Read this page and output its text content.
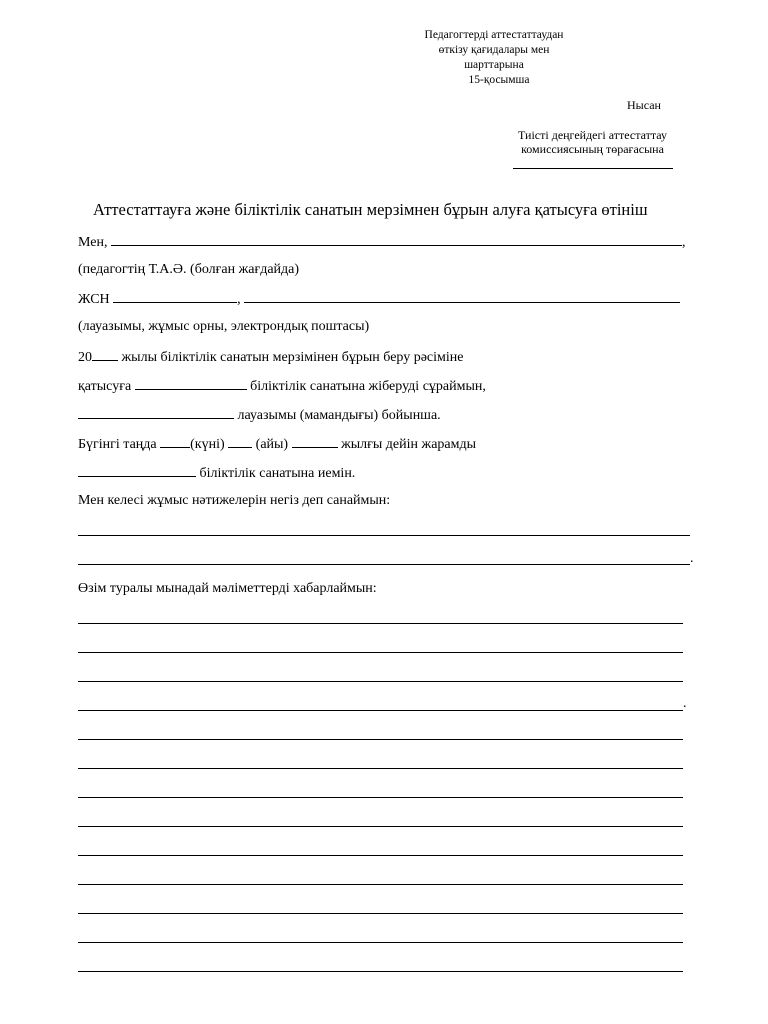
Педагогтерді аттестаттаудан
өткізу қағидалары мен
шарттарына
15-қосымша
Нысан
Тиісті деңгейдегі аттестаттау
комиссиясының төрағасына
Аттестаттауға және біліктілік санатын мерзімнен бұрын алуға қатысуға өтініш
Мен,	,
(педагогтің Т.А.Ә. (болған жағдайда)
ЖСН	,
(лауазымы, жұмыс орны, электрондық поштасы)
20 жылы біліктілік санатын мерзімінен бұрын беру рәсіміне
қатысуға	біліктілік санатына жіберуді сұраймын,
лауазымы (мамандығы) бойынша.
Бүгінгі таңда (күні) (айы)	жылғы дейін жарамды
біліктілік санатына иемін.
Мен келесі жұмыс нәтижелерін негіз деп санаймын:
.
Өзім туралы мынадай мәліметтерді хабарлаймын:
.
